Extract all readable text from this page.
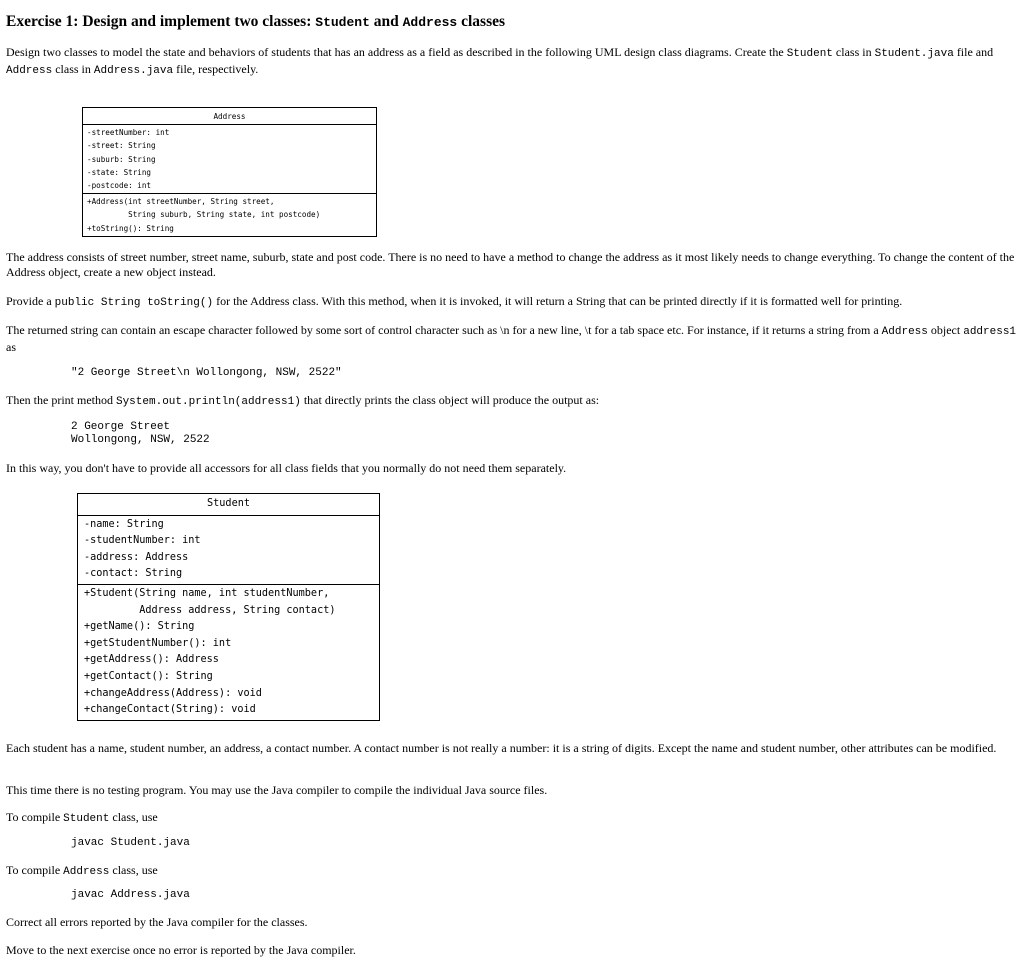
Exercise 1: Design and implement two classes: Student and Address classes

Design two classes to model the state and behaviors of students that has an address as a field as described in the following UML design class diagrams. Create the Student class in Student.java file and Address class in Address.java file, respectively.

Address
-streetNumber: int
-street: String
-suburb: String
-state: String
-postcode: int
+Address(int streetNumber, String street,
String suburb, String state, int postcode)
+toString(): String

The address consists of street number, street name, suburb, state and post code. There is no need to have a method to change the address as it most likely needs to change everything. To change the content of the Address object, create a new object instead.

Provide a public String toString() for the Address class. With this method, when it is invoked, it will return a String that can be printed directly if it is formatted well for printing.

The returned string can contain an escape character followed by some sort of control character such as \n for a new line, \t for a tab space etc. For instance, if it returns a string from a Address object address1 as

"2 George Street\n Wollongong, NSW, 2522"

Then the print method System.out.println(address1) that directly prints the class object will produce the output as:

2 George Street
Wollongong, NSW, 2522

In this way, you don't have to provide all accessors for all class fields that you normally do not need them separately.

Student
-name: String
-studentNumber: int
-address: Address
-contact: String
+Student(String name, int studentNumber,
Address address, String contact)
+getName(): String
+getStudentNumber(): int
+getAddress(): Address
+getContact(): String
+changeAddress(Address): void
+changeContact(String): void

Each student has a name, student number, an address, a contact number. A contact number is not really a number: it is a string of digits. Except the name and student number, other attributes can be modified.

This time there is no testing program. You may use the Java compiler to compile the individual Java source files.

To compile Student class, use

javac Student.java

To compile Address class, use

javac Address.java

Correct all errors reported by the Java compiler for the classes.

Move to the next exercise once no error is reported by the Java compiler.
